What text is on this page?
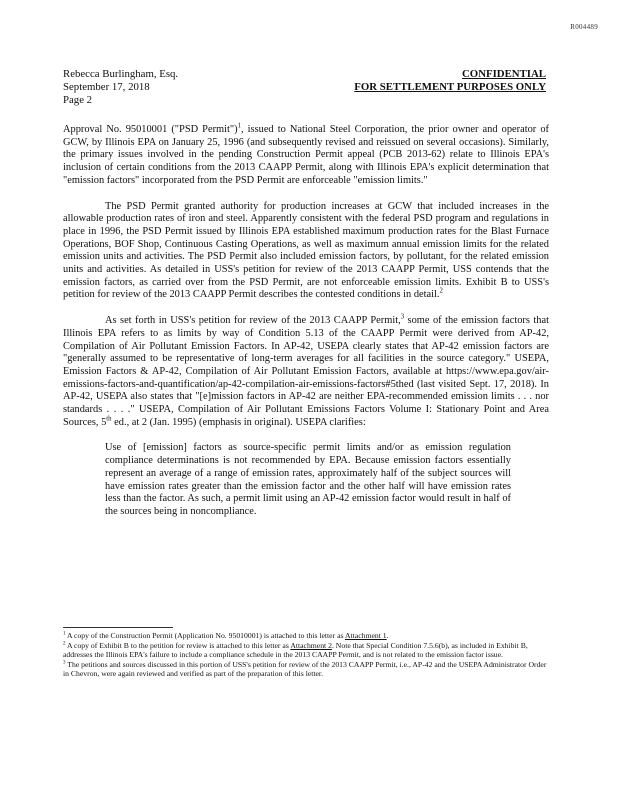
R004489
Rebecca Burlingham, Esq.
September 17, 2018
Page 2
CONFIDENTIAL
FOR SETTLEMENT PURPOSES ONLY

Approval No. 95010001 ("PSD Permit")$^1$, issued to National Steel Corporation, the prior owner and operator of GCW, by Illinois EPA on January 25, 1996 (and subsequently revised and reissued on several occasions). Similarly, the primary issues involved in the pending Construction Permit appeal (PCB 2013-62) relate to Illinois EPA's inclusion of certain conditions from the 2013 CAAPP Permit, along with Illinois EPA's explicit determination that "emission factors" incorporated from the PSD Permit are enforceable "emission limits."

The PSD Permit granted authority for production increases at GCW that included increases in the allowable production rates of iron and steel. Apparently consistent with the federal PSD program and regulations in place in 1996, the PSD Permit issued by Illinois EPA established maximum production rates for the Blast Furnace Operations, BOF Shop, Continuous Casting Operations, as well as maximum annual emission limits for the related emission units and activities. The PSD Permit also included emission factors, by pollutant, for the related emission units and activities. As detailed in USS's petition for review of the 2013 CAAPP Permit, USS contends that the emission factors, as carried over from the PSD Permit, are not enforceable emission limits. Exhibit B to USS's petition for review of the 2013 CAAPP Permit describes the contested conditions in detail.$^2$

As set forth in USS's petition for review of the 2013 CAAPP Permit,$^3$ some of the emission factors that Illinois EPA refers to as limits by way of Condition 5.13 of the CAAPP Permit were derived from AP-42, Compilation of Air Pollutant Emission Factors. In AP-42, USEPA clearly states that AP-42 emission factors are "generally assumed to be representative of long-term averages for all facilities in the source category." USEPA, Emission Factors & AP-42, Compilation of Air Pollutant Emission Factors, available at https://www.epa.gov/air-emissions-factors-and-quantification/ap-42-compilation-air-emissions-factors#5thed (last visited Sept. 17, 2018). In AP-42, USEPA also states that "[e]mission factors in AP-42 are neither EPA-recommended emission limits . . . nor standards . . . ." USEPA, Compilation of Air Pollutant Emissions Factors Volume I: Stationary Point and Area Sources, 5th ed., at 2 (Jan. 1995) (emphasis in original). USEPA clarifies:

Use of [emission] factors as source-specific permit limits and/or as emission regulation compliance determinations is not recommended by EPA. Because emission factors essentially represent an average of a range of emission rates, approximately half of the subject sources will have emission rates greater than the emission factor and the other half will have emission rates less than the factor. As such, a permit limit using an AP-42 emission factor would result in half of the sources being in noncompliance.

$^1$ A copy of the Construction Permit (Application No. 95010001) is attached to this letter as Attachment 1.

$^2$ A copy of Exhibit B to the petition for review is attached to this letter as Attachment 2. Note that Special Condition 7.5.6(b), as included in Exhibit B, addresses the Illinois EPA's failure to include a compliance schedule in the 2013 CAAPP Permit, and is not related to the emission factor issue.

$^3$ The petitions and sources discussed in this portion of USS's petition for review of the 2013 CAAPP Permit, i.e., AP-42 and the USEPA Administrator Order in Chevron, were again reviewed and verified as part of the preparation of this letter.
